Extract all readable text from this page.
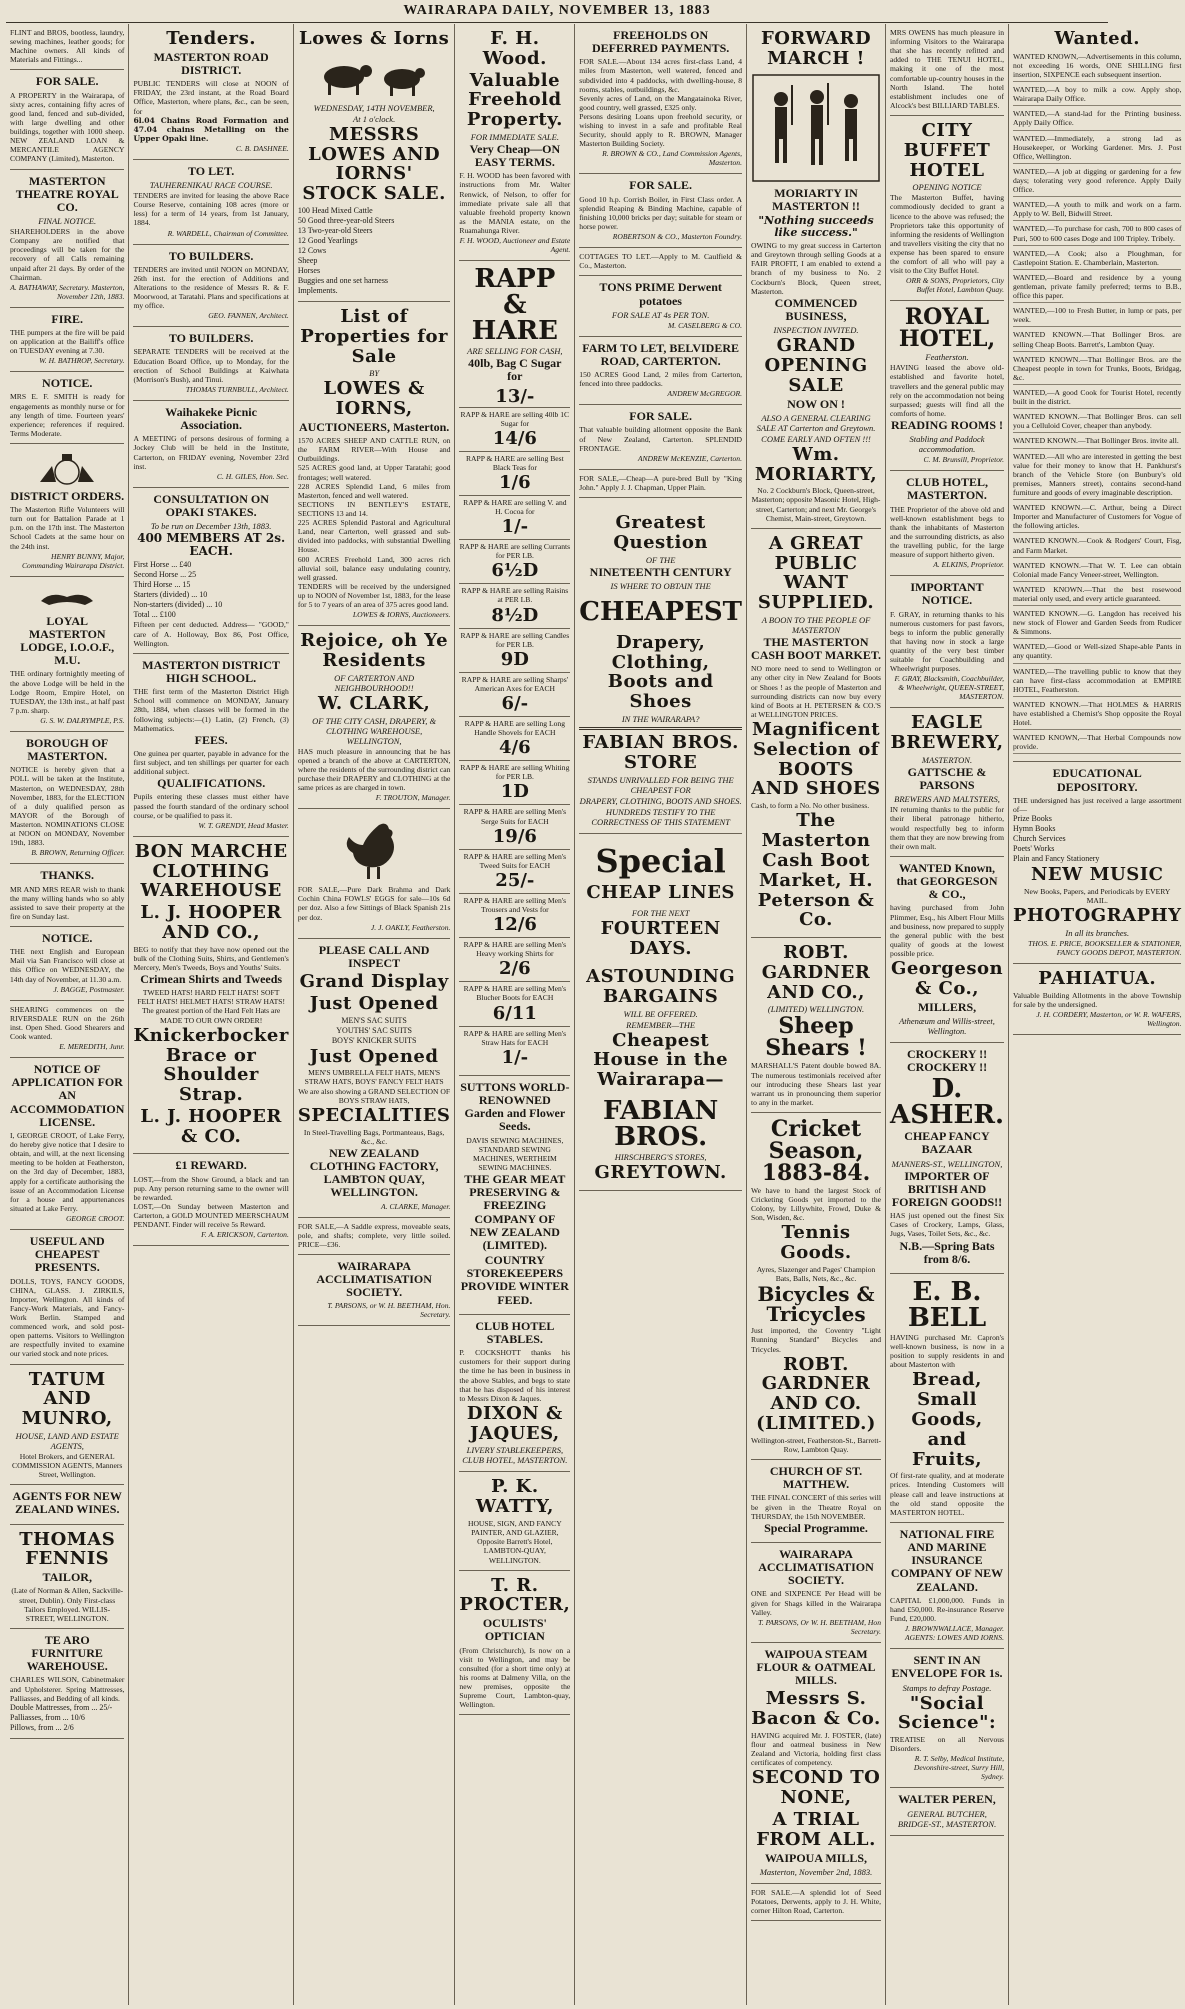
WAIRARAPA DAILY, NOVEMBER 13, 1883

FLINT and BROS, bootless, laundry, sewing machines, leather goods; for Machine owners. All kinds of Materials and Fittings...

FOR SALE.

A PROPERTY in the Wairarapa, of sixty acres, containing fifty acres of good land, fenced and sub-divided, with large dwelling and other buildings, together with 1000 sheep. NEW ZEALAND LOAN & MERCANTILE AGENCY COMPANY (Limited), Masterton.

MASTERTON THEATRE ROYAL CO.
FINAL NOTICE.

SHAREHOLDERS in the above Company are notified that proceedings will be taken for the recovery of all Calls remaining unpaid after 21 days. By order of the Chairman.

A. BATHAWAY, Secretary. Masterton, November 12th, 1883.
FIRE.

THE pumpers at the fire will be paid on application at the Bailiff's office on TUESDAY evening at 7.30.

W. H. BATHROP, Secretary.
NOTICE.

MRS E. F. SMITH is ready for engagements as monthly nurse or for any length of time. Fourteen years' experience; references if required. Terms Moderate.

DISTRICT ORDERS.

The Masterton Rifle Volunteers will turn out for Battalion Parade at 1 p.m. on the 17th inst. The Masterton School Cadets at the same hour on the 24th inst.

HENRY BUNNY, Major, Commanding Wairarapa District.
LOYAL MASTERTON LODGE, I.O.O.F., M.U.

THE ordinary fortnightly meeting of the above Lodge will be held in the Lodge Room, Empire Hotel, on TUESDAY, the 13th inst., at half past 7 p.m. sharp.

G. S. W. DALRYMPLE, P.S.
BOROUGH OF MASTERTON.

NOTICE is hereby given that a POLL will be taken at the Institute, Masterton, on WEDNESDAY, 28th November, 1883, for the ELECTION of a duly qualified person as MAYOR of the Borough of Masterton. NOMINATIONS CLOSE at NOON on MONDAY, November 19th, 1883.

B. BROWN, Returning Officer.
THANKS.

MR AND MRS REAR wish to thank the many willing hands who so ably assisted to save their property at the fire on Sunday last.

NOTICE.

THE next English and European Mail via San Francisco will close at this Office on WEDNESDAY, the 14th day of November, at 11.30 a.m.

J. BAGGE, Postmaster.

SHEARING commences on the RIVERSDALE RUN on the 26th inst. Open Shed. Good Shearers and Cook wanted.

E. MEREDITH, Junr.
NOTICE OF APPLICATION FOR AN ACCOMMODATION LICENSE.

I, GEORGE CROOT, of Lake Ferry, do hereby give notice that I desire to obtain, and will, at the next licensing meeting to be holden at Featherston, on the 3rd day of December, 1883, apply for a certificate authorising the issue of an Accommodation License for a house and appurtenances situated at Lake Ferry.

GEORGE CROOT.
USEFUL AND CHEAPEST PRESENTS.

DOLLS, TOYS, FANCY GOODS, CHINA, GLASS. J. ZIRKILS, Importer, Wellington. All kinds of Fancy-Work Materials, and Fancy-Work Berlin. Stamped and commenced work, and sold post-open patterns. Visitors to Wellington are respectfully invited to examine our varied stock and note prices.

TATUM AND MUNRO,
HOUSE, LAND AND ESTATE AGENTS,

Hotel Brokers, and GENERAL COMMISSION AGENTS, Manners Street, Wellington.

AGENTS FOR NEW ZEALAND WINES.
THOMAS FENNIS
TAILOR,

(Late of Norman & Allen, Sackville-street, Dublin). Only First-class Tailors Employed. WILLIS-STREET, WELLINGTON.

TE ARO FURNITURE WAREHOUSE.

CHARLES WILSON, Cabinetmaker and Upholsterer. Spring Mattresses, Palliasses, and Bedding of all kinds.

Double Mattresses, from ... 25/-
Palliasses, from ... 10/6
Pillows, from ... 2/6
Tenders.
MASTERTON ROAD DISTRICT.

PUBLIC TENDERS will close at NOON of FRIDAY, the 23rd instant, at the Road Board Office, Masterton, where plans, &c., can be seen, for

6l.04 Chains Road Formation and 47.04 chains Metalling on the Upper Opaki line.

C. B. DASHNEE.
TO LET.
TAUHERENIKAU RACE COURSE.

TENDERS are invited for leasing the above Race Course Reserve, containing 108 acres (more or less) for a term of 14 years, from 1st January, 1884.

R. WARDELL, Chairman of Committee.
TO BUILDERS.

TENDERS are invited until NOON on MONDAY, 26th inst. for the erection of Additions and Alterations to the residence of Messrs R. & F. Moorwood, at Taratahi. Plans and specifications at my office.

GEO. FANNEN, Architect.
TO BUILDERS.

SEPARATE TENDERS will be received at the Education Board Office, up to Monday, for the erection of School Buildings at Kaiwhata (Morrison's Bush), and Tinui.

THOMAS TURNBULL, Architect.
Waihakeke Picnic Association.

A MEETING of persons desirous of forming a Jockey Club will be held in the Institute, Carterton, on FRIDAY evening, November 23rd inst.

C. H. GILES, Hon. Sec.
CONSULTATION ON OPAKI STAKES.
To be run on December 13th, 1883.
400 MEMBERS AT 2s. EACH.
First Horse ... £40
Second Horse ... 25
Third Horse ... 15
Starters (divided) ... 10
Non-starters (divided) ... 10
Total ... £100

Fifteen per cent deducted. Address— "GOOD," care of A. Holloway, Box 86, Post Office, Wellington.

MASTERTON DISTRICT HIGH SCHOOL.

THE first term of the Masterton District High School will commence on MONDAY, January 28th, 1884, when classes will be formed in the following subjects:—(1) Latin, (2) French, (3) Mathematics.

FEES.

One guinea per quarter, payable in advance for the first subject, and ten shillings per quarter for each additional subject.

QUALIFICATIONS.

Pupils entering these classes must either have passed the fourth standard of the ordinary school course, or be qualified to pass it.

W. T. GRENDY, Head Master.
BON MARCHE CLOTHING WAREHOUSE
L. J. HOOPER AND CO.,

BEG to notify that they have now opened out the bulk of the Clothing Suits, Shirts, and Gentlemen's Mercery, Men's Tweeds, Boys and Youths' Suits.

Crimean Shirts and Tweeds

TWEED HATS! HARD FELT HATS! SOFT FELT HATS! HELMET HATS! STRAW HATS!

The greatest portion of the Hard Felt Hats are MADE TO OUR OWN ORDER!

Knickerbocker Brace or Shoulder Strap.
L. J. HOOPER & CO.
£1 REWARD.

LOST,—from the Show Ground, a black and tan pup. Any person returning same to the owner will be rewarded.

LOST,—On Sunday between Masterton and Carterton, a GOLD MOUNTED MEERSCHAUM PENDANT. Finder will receive 5s Reward.

F. A. ERICKSON, Carterton.
Lowes & Iorns
WEDNESDAY, 14TH NOVEMBER,
At 1 o'clock.
MESSRS LOWES AND IORNS' STOCK SALE.
100 Head Mixed Cattle
50 Good three-year-old Steers
13 Two-year-old Steers
12 Good Yearlings
12 Cows
Sheep
Horses
Buggies and one set harness
Implements.
List of Properties for Sale
BY
LOWES & IORNS,
AUCTIONEERS, Masterton.

1570 ACRES SHEEP AND CATTLE RUN, on the FARM RIVER—With House and Outbuildings.

525 ACRES good land, at Upper Taratahi; good frontages; well watered.

228 ACRES Splendid Land, 6 miles from Masterton, fenced and well watered.

SECTIONS IN BENTLEY'S ESTATE, SECTIONS 13 and 14.

225 ACRES Splendid Pastoral and Agricultural Land, near Carterton, well grassed and sub-divided into paddocks, with substantial Dwelling House.

600 ACRES Freehold Land, 300 acres rich alluvial soil, balance easy undulating country, well grassed.

TENDERS will be received by the undersigned up to NOON of November 1st, 1883, for the lease for 5 to 7 years of an area of 375 acres good land.

LOWES & IORNS, Auctioneers.
Rejoice, oh Ye Residents
OF CARTERTON AND NEIGHBOURHOOD!!
W. CLARK,
OF THE CITY CASH, DRAPERY, & CLOTHING WAREHOUSE, WELLINGTON,

HAS much pleasure in announcing that he has opened a branch of the above at CARTERTON, where the residents of the surrounding district can purchase their DRAPERY and CLOTHING at the same prices as are charged in town.

F. TROUTON, Manager.

FOR SALE,—Pure Dark Brahma and Dark Cochin China FOWLS' EGGS for sale—10s 6d per doz. Also a few Sittings of Black Spanish 21s per doz.

J. J. OAKLY, Featherston.
PLEASE CALL AND INSPECT
Grand Display
Just Opened
MEN'S SAC SUITS
YOUTHS' SAC SUITS
BOYS' KNICKER SUITS
Just Opened

MEN'S UMBRELLA FELT HATS, MEN'S STRAW HATS, BOYS' FANCY FELT HATS

We are also showing a GRAND SELECTION OF BOYS STRAW HATS,

SPECIALITIES

In Steel-Travelling Bags, Portmanteaus, Bags, &c., &c.

NEW ZEALAND CLOTHING FACTORY, LAMBTON QUAY, WELLINGTON.
A. CLARKE, Manager.

FOR SALE,—A Saddle express, moveable seats, pole, and shafts; complete, very little soiled. PRICE—£36.

WAIRARAPA ACCLIMATISATION SOCIETY.
T. PARSONS, or W. H. BEETHAM, Hon. Secretary.
F. H. Wood.
Valuable Freehold Property.
FOR IMMEDIATE SALE.
Very Cheap—ON EASY TERMS.

F. H. WOOD has been favored with instructions from Mr. Walter Renwick, of Nelson, to offer for immediate private sale all that valuable freehold property known as the MANIA estate, on the Ruamahunga River.

F. H. WOOD, Auctioneer and Estate Agent.
RAPP & HARE
ARE SELLING FOR CASH,
40lb, Bag C Sugar for
13/-
RAPP & HARE are selling 40lb 1C Sugar for
14/6
RAPP & HARE are selling Best Black Teas for
1/6
RAPP & HARE are selling V. and H. Cocoa for
1/-
RAPP & HARE are selling Currants for PER LB.
6½D
RAPP & HARE are selling Raisins at PER LB.
8½D
RAPP & HARE are selling Candles for PER LB.
9D
RAPP & HARE are selling Sharps' American Axes for EACH
6/-
RAPP & HARE are selling Long Handle Shovels for EACH
4/6
RAPP & HARE are selling Whiting for PER LB.
1D
RAPP & HARE are selling Men's Serge Suits for EACH
19/6
RAPP & HARE are selling Men's Tweed Suits for EACH
25/-
RAPP & HARE are selling Men's Trousers and Vests for
12/6
RAPP & HARE are selling Men's Heavy working Shirts for
2/6
RAPP & HARE are selling Men's Blucher Boots for EACH
6/11
RAPP & HARE are selling Men's Straw Hats for EACH
1/-
SUTTONS WORLD-RENOWNED Garden and Flower Seeds.

DAVIS SEWING MACHINES, STANDARD SEWING MACHINES, WERTHEIM SEWING MACHINES.

THE GEAR MEAT PRESERVING & FREEZING COMPANY OF NEW ZEALAND (LIMITED).
COUNTRY STOREKEEPERS PROVIDE WINTER FEED.
CLUB HOTEL STABLES.

P. COCKSHOTT thanks his customers for their support during the time he has been in business in the above Stables, and begs to state that he has disposed of his interest to Messrs Dixon & Jaques.

DIXON & JAQUES,
LIVERY STABLEKEEPERS, CLUB HOTEL, MASTERTON.
P. K. WATTY,

HOUSE, SIGN, AND FANCY PAINTER, AND GLAZIER, Opposite Barrett's Hotel, LAMBTON-QUAY, WELLINGTON.

T. R. PROCTER,
OCULISTS' OPTICIAN

(From Christchurch), Is now on a visit to Wellington, and may be consulted (for a short time only) at his rooms at Dalmeny Villa, on the new premises, opposite the Supreme Court, Lambton-quay, Wellington.

FREEHOLDS ON DEFERRED PAYMENTS.

FOR SALE.—About 134 acres first-class Land, 4 miles from Masterton, well watered, fenced and subdivided into 4 paddocks, with dwelling-house, 8 rooms, stables, outbuildings, &c.

Sevenly acres of Land, on the Mangatainoka River, good country, well grassed, £325 only.

Persons desiring Loans upon freehold security, or wishing to invest in a safe and profitable Real Security, should apply to R. BROWN, Manager Masterton Building Society.

R. BROWN & CO., Land Commission Agents, Masterton.
FOR SALE.

Good 10 h.p. Corrish Boiler, in First Class order. A splendid Reaping & Binding Machine, capable of finishing 10,000 bricks per day; suitable for steam or horse power.

ROBERTSON & CO., Masterton Foundry.

COTTAGES TO LET.—Apply to M. Caulfield & Co., Masterton.

TONS PRIME Derwent potatoes
FOR SALE AT 4s PER TON.
M. CASELBERG & CO.
FARM TO LET, BELVIDERE ROAD, CARTERTON.

150 ACRES Good Land, 2 miles from Carterton, fenced into three paddocks.

ANDREW McGREGOR.
FOR SALE.

That valuable building allotment opposite the Bank of New Zealand, Carterton. SPLENDID FRONTAGE.

ANDREW McKENZIE, Carterton.

FOR SALE,—Cheap—A pure-bred Bull by "King John." Apply J. J. Chapman, Upper Plain.

Greatest Question
OF THE
NINETEENTH CENTURY
IS WHERE TO OBTAIN THE
CHEAPEST
Drapery, Clothing, Boots and Shoes
IN THE WAIRARAPA?
FABIAN BROS. STORE
STANDS UNRIVALLED FOR BEING THE CHEAPEST FOR
DRAPERY, CLOTHING, BOOTS AND SHOES.
HUNDREDS TESTIFY TO THE CORRECTNESS OF THIS STATEMENT
Special
CHEAP LINES
FOR THE NEXT
FOURTEEN DAYS.
ASTOUNDING BARGAINS
WILL BE OFFERED.
REMEMBER—THE
Cheapest House in the Wairarapa—
FABIAN BROS.
HIRSCHBERG'S STORES,
GREYTOWN.
FORWARD MARCH !
MORIARTY IN MASTERTON !!
"Nothing succeeds like success."

OWING to my great success in Carterton and Greytown through selling Goods at a FAIR PROFIT, I am enabled to extend a branch of my business to No. 2 Cockburn's Block, Queen street, Masterton.

COMMENCED BUSINESS,
INSPECTION INVITED.
GRAND OPENING SALE
NOW ON !
ALSO A GENERAL CLEARING SALE AT Carterton and Greytown.
COME EARLY AND OFTEN !!!
Wm. MORIARTY,

No. 2 Cockburn's Block, Queen-street, Masterton; opposite Masonic Hotel, High-street, Carterton; and next Mr. George's Chemist, Main-street, Greytown.

A GREAT PUBLIC WANT SUPPLIED.
A BOON TO THE PEOPLE OF MASTERTON
THE MASTERTON CASH BOOT MARKET.

NO more need to send to Wellington or any other city in New Zealand for Boots or Shoes ! as the people of Masterton and surrounding districts can now buy every kind of Boots at H. PETERSEN & CO.'S at WELLINGTON PRICES.

Magnificent Selection of BOOTS AND SHOES

Cash, to form a No. No other business.

The Masterton Cash Boot Market, H. Peterson & Co.
ROBT. GARDNER AND CO.,
(LIMITED) WELLINGTON.
Sheep Shears !

MARSHALL'S Patent double bowed 8A. The numerous testimonials received after our introducing these Shears last year warrant us in pronouncing them superior to any in the market.

Cricket Season, 1883-84.

We have to hand the largest Stock of Cricketing Goods yet imported to the Colony, by Lillywhite, Frowd, Duke & Son, Wisden, &c.

Tennis Goods.

Ayres, Slazenger and Pages' Champion Bats, Balls, Nets, &c., &c.

Bicycles & Tricycles

Just imported, the Coventry "Light Running Standard" Bicycles and Tricycles.

ROBT. GARDNER AND CO. (LIMITED.)

Wellington-street, Featherston-St., Barrett-Row, Lambton Quay.

CHURCH OF ST. MATTHEW.

THE FINAL CONCERT of this series will be given in the Theatre Royal on THURSDAY, the 15th NOVEMBER.

Special Programme.
WAIRARAPA ACCLIMATISATION SOCIETY.

ONE and SIXPENCE Per Head will be given for Shags killed in the Wairarapa Valley.

T. PARSONS, Or W. H. BEETHAM, Hon Secretary.
WAIPOUA STEAM FLOUR & OATMEAL MILLS.
Messrs S. Bacon & Co.

HAVING acquired Mr. J. FOSTER, (late) flour and oatmeal business in New Zealand and Victoria, holding first class certificates of competency.

SECOND TO NONE,
A TRIAL FROM ALL.
WAIPOUA MILLS,
Masterton, November 2nd, 1883.

FOR SALE.—A splendid lot of Seed Potatoes, Derwents, apply to J. H. White, corner Hilton Road, Carterton.

MRS OWENS has much pleasure in informing Visitors to the Wairarapa that she has recently refitted and added to THE TENUI HOTEL, making it one of the most comfortable up-country houses in the North Island. The hotel establishment includes one of Alcock's best BILLIARD TABLES.

CITY BUFFET HOTEL
OPENING NOTICE

The Masterton Buffet, having commodiously decided to grant a licence to the above was refused; the Proprietors take this opportunity of informing the residents of Wellington and travellers visiting the city that no expense has been spared to ensure the comfort of all who will pay a visit to the City Buffet Hotel.

ORR & SONS, Proprietors, City Buffet Hotel, Lambton Quay.
ROYAL HOTEL,
Featherston.

HAVING leased the above old-established and favorite hotel, travellers and the general public may rely on the accommodation not being surpassed; guests will find all the comforts of home.

READING ROOMS !
Stabling and Paddock accommodation.
C. M. Brunsill, Proprietor.
CLUB HOTEL, MASTERTON.

THE Proprietor of the above old and well-known establishment begs to thank the inhabitants of Masterton and the surrounding districts, as also the travelling public, for the large measure of support hitherto given.

A. ELKINS, Proprietor.
IMPORTANT NOTICE.

F. GRAY, in returning thanks to his numerous customers for past favors, begs to inform the public generally that having now in stock a large quantity of the very best timber suitable for Coachbuilding and Wheelwright purposes.

F. GRAY, Blacksmith, Coachbuilder, & Wheelwright, QUEEN-STREET, MASTERTON.
EAGLE BREWERY,
MASTERTON.
GATTSCHE & PARSONS
BREWERS AND MALTSTERS,

IN returning thanks to the public for their liberal patronage hitherto, would respectfully beg to inform them that they are now brewing from their own malt.

WANTED Known, that GEORGESON & CO.,

having purchased from John Plimmer, Esq., his Albert Flour Mills and business, now prepared to supply the general public with the best quality of goods at the lowest possible price.

Georgeson & Co.,
MILLERS,
Athenæum and Willis-street, Wellington.
CROCKERY !! CROCKERY !!
D. ASHER.
CHEAP FANCY BAZAAR
MANNERS-ST., WELLINGTON,
IMPORTER OF BRITISH AND FOREIGN GOODS!!

HAS just opened out the finest Six Cases of Crockery, Lamps, Glass, Jugs, Vases, Toilet Sets, &c., &c.

N.B.—Spring Bats from 8/6.
E. B. BELL

HAVING purchased Mr. Capron's well-known business, is now in a position to supply residents in and about Masterton with

Bread, Small Goods, and Fruits,

Of first-rate quality, and at moderate prices. Intending Customers will please call and leave instructions at the old stand opposite the MASTERTON HOTEL.

NATIONAL FIRE AND MARINE INSURANCE COMPANY OF NEW ZEALAND.

CAPITAL £1,000,000. Funds in hand £50,000. Re-insurance Reserve Fund, £20,000.

J. BROWNWALLACE, Manager. AGENTS: LOWES AND IORNS.
SENT IN AN ENVELOPE FOR 1s.
Stamps to defray Postage.
"Social Science":

TREATISE on all Nervous Disorders.

R. T. Selby, Medical Institute, Devonshire-street, Surry Hill, Sydney.
WALTER PEREN,
GENERAL BUTCHER, BRIDGE-ST., MASTERTON.
Wanted.

WANTED KNOWN,—Advertisements in this column, not exceeding 16 words, ONE SHILLING first insertion, SIXPENCE each subsequent insertion.

WANTED,—A boy to milk a cow. Apply shop, Wairarapa Daily Office.

WANTED,—A stand-lad for the Printing business. Apply Daily Office.

WANTED.—Immediately, a strong lad as Housekeeper, or Working Gardener. Mrs. J. Post Office, Wellington.

WANTED,—A job at digging or gardening for a few days; tolerating very good reference. Apply Daily Office.

WANTED,—A youth to milk and work on a farm. Apply to W. Bell, Bidwill Street.

WANTED,—To purchase for cash, 700 to 800 cases of Puri, 500 to 600 cases Doge and 100 Tripley. Tribely.

WANTED,—A Cook; also a Ploughman, for Castlepoint Station. E. Chamberlain, Masterton.

WANTED,—Board and residence by a young gentleman, private family preferred; terms to B.B., office this paper.

WANTED,—100 to Fresh Butter, in lump or pats, per week.

WANTED KNOWN.—That Bollinger Bros. are selling Cheap Boots. Barrett's, Lambton Quay.

WANTED KNOWN.—That Bollinger Bros. are the Cheapest people in town for Trunks, Boots, Bridgag, &c.

WANTED,—A good Cook for Tourist Hotel, recently built in the district.

WANTED KNOWN.—That Bollinger Bros. can sell you a Celluloid Cover, cheaper than anybody.

WANTED KNOWN.—That Bollinger Bros. invite all.

WANTED.—All who are interested in getting the best value for their money to know that H. Pankhurst's branch of the Vehicle Store (on Bunbury's old premises, Manners street), contains second-hand furniture and goods of every imaginable description.

WANTED KNOWN.—C. Arthur, being a Direct Importer and Manufacturer of Customers for Vogue of the following articles.

WANTED KNOWN.—Cook & Rodgers' Court, Fisg, and Farm Market.

WANTED KNOWN.—That W. T. Lee can obtain Colonial made Fancy Veneer-street, Wellington.

WANTED KNOWN.—That the best rosewood material only used, and every article guaranteed.

WANTED KNOWN.—G. Langdon has received his new stock of Flower and Garden Seeds from Rudicer & Simmons.

WANTED,—Good or Well-sized Shape-able Pants in any quantity.

WANTED,—The travelling public to know that they can have first-class accommodation at EMPIRE HOTEL, Featherston.

WANTED KNOWN.—That HOLMES & HARRIS have established a Chemist's Shop opposite the Royal Hotel.

WANTED KNOWN,—That Herbal Compounds now provide.

EDUCATIONAL DEPOSITORY.

THE undersigned has just received a large assortment of—

Prize Books
Hymn Books
Church Services
Poets' Works
Plain and Fancy Stationery
NEW MUSIC

New Books, Papers, and Periodicals by EVERY MAIL.

PHOTOGRAPHY
In all its branches.
THOS. E. PRICE, BOOKSELLER & STATIONER, FANCY GOODS DEPOT, MASTERTON.
PAHIATUA.

Valuable Building Allotments in the above Township for sale by the undersigned.

J. H. CORDERY, Masterton, or W. R. WAFERS, Wellington.
